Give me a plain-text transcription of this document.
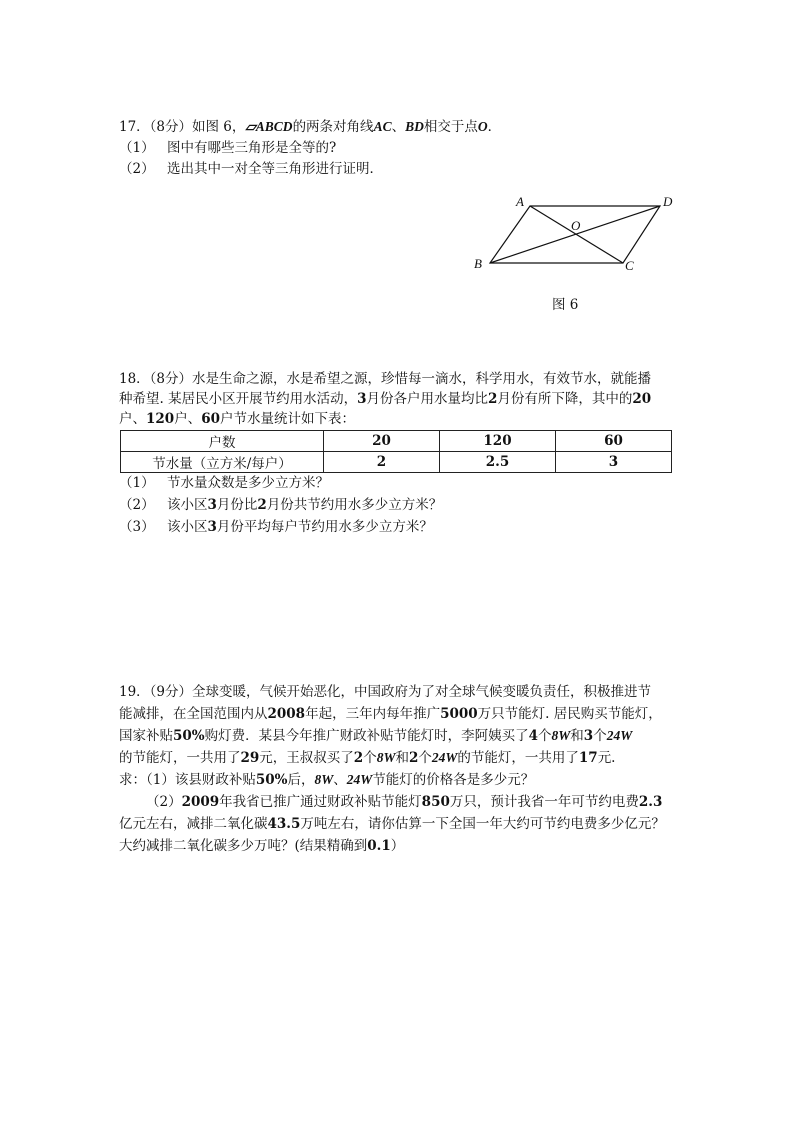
17．（8分）如图 6，▱ABCD的两条对角线AC、BD相交于点O．
（1） 图中有哪些三角形是全等的?
（2） 选出其中一对全等三角形进行证明．
A	D
O
B	C
图 6
18．（8分）水是生命之源，水是希望之源，珍惜每一滴水，科学用水，有效节水，就能播
种希望. 某居民小区开展节约用水活动，3月份各户用水量均比2月份有所下降，其中的20
户、120户、60户节水量统计如下表：
户数	20	120	60
节水量（立方米/每户）	2	2.5	3
（1） 节水量众数是多少立方米？
（2） 该小区3月份比2月份共节约用水多少立方米？
（3） 该小区3月份平均每户节约用水多少立方米？
19．（9分）全球变暖，气候开始恶化，中国政府为了对全球气候变暖负责任，积极推进节
能减排，在全国范围内从2008年起，三年内每年推广5000万只节能灯. 居民购买节能灯，
国家补贴50%购灯费．某县今年推广财政补贴节能灯时，李阿姨买了4个8W和3个24W
的节能灯，一共用了29元，王叔叔买了2个8W和2个24W的节能灯，一共用了17元.
求：（1）该县财政补贴50%后，8W、24W节能灯的价格各是多少元？
（2）2009年我省已推广通过财政补贴节能灯850万只，预计我省一年可节约电费2.3
亿元左右，减排二氧化碳43.5万吨左右，请你估算一下全国一年大约可节约电费多少亿元？
大约减排二氧化碳多少万吨？(结果精确到0.1）
